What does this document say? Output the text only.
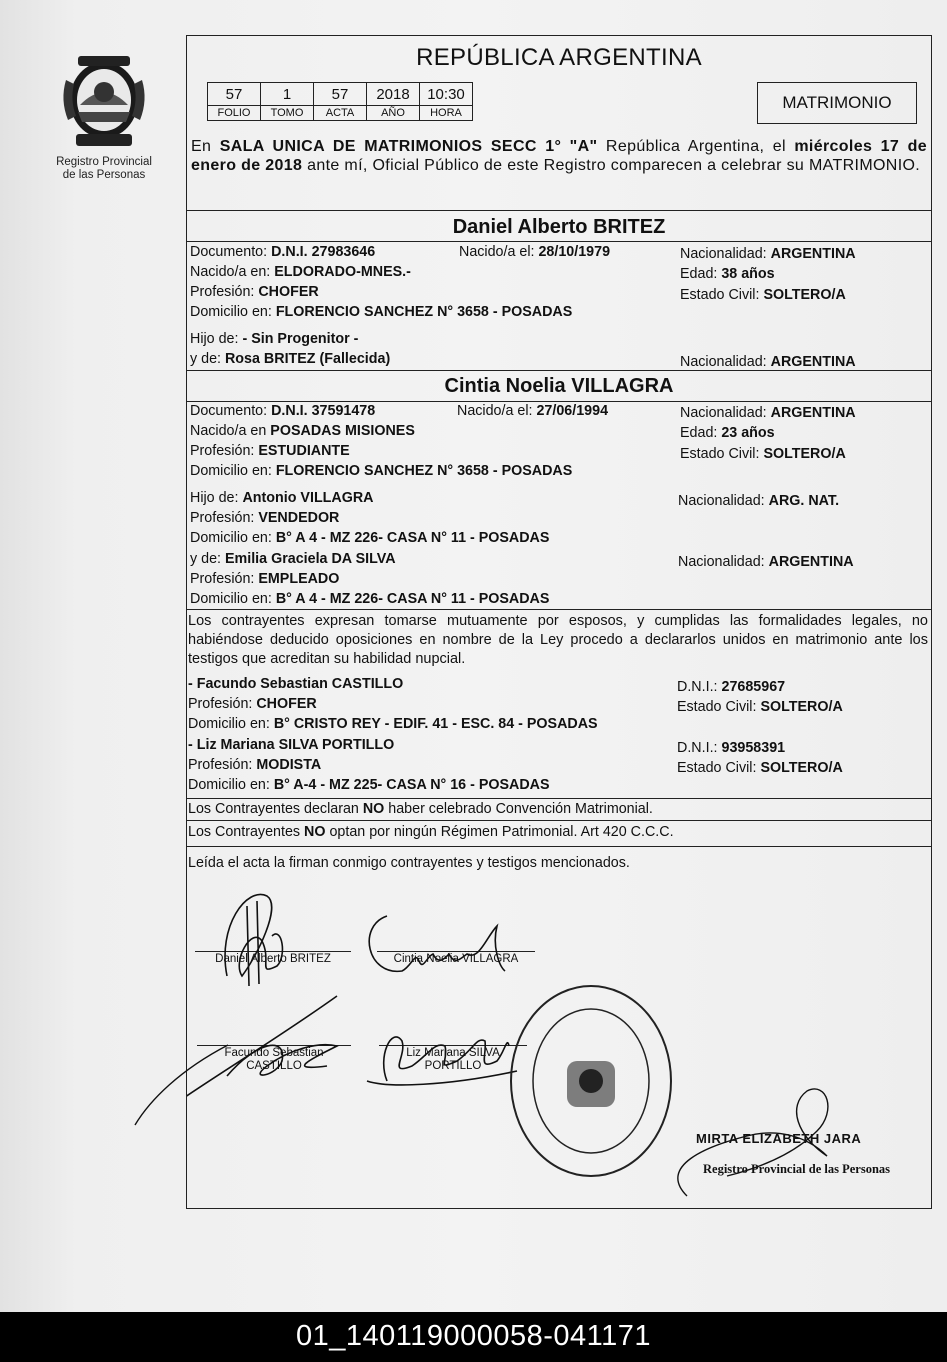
Registro Provincial
de las Personas
REPÚBLICA ARGENTINA
57	1	57	2018	10:30
FOLIO	TOMO	ACTA	AÑO	HORA
MATRIMONIO
En SALA UNICA DE MATRIMONIOS SECC 1° "A" República Argentina, el miércoles 17 de enero de 2018 ante mí, Oficial Público de este Registro comparecen a celebrar su MATRIMONIO.
Daniel Alberto BRITEZ
Documento: D.N.I. 27983646	Nacido/a el: 28/10/1979	Nacionalidad: ARGENTINA
Nacido/a en: ELDORADO-MNES.-	Edad: 38 años
Profesión: CHOFER	Estado Civil: SOLTERO/A
Domicilio en: FLORENCIO SANCHEZ N° 3658 - POSADAS
Hijo de: - Sin Progenitor -
y de: Rosa BRITEZ (Fallecida)	Nacionalidad: ARGENTINA
Cintia Noelia VILLAGRA
Documento: D.N.I. 37591478	Nacido/a el: 27/06/1994	Nacionalidad: ARGENTINA
Nacido/a en POSADAS MISIONES	Edad: 23 años
Profesión: ESTUDIANTE	Estado Civil: SOLTERO/A
Domicilio en: FLORENCIO SANCHEZ N° 3658 - POSADAS
Hijo de: Antonio VILLAGRA	Nacionalidad: ARG. NAT.
Profesión: VENDEDOR
Domicilio en: B° A 4 - MZ 226- CASA N° 11 - POSADAS
y de: Emilia Graciela DA SILVA	Nacionalidad: ARGENTINA
Profesión: EMPLEADO
Domicilio en: B° A 4 - MZ 226- CASA N° 11 - POSADAS
Los contrayentes expresan tomarse mutuamente por esposos, y cumplidas las formalidades legales, no habiéndose deducido oposiciones en nombre de la Ley procedo a declararlos unidos en matrimonio ante los testigos que acreditan su habilidad nupcial.
- Facundo Sebastian CASTILLO	D.N.I.: 27685967
Profesión: CHOFER	Estado Civil: SOLTERO/A
Domicilio en: B° CRISTO REY - EDIF. 41 - ESC. 84 - POSADAS
- Liz Mariana SILVA PORTILLO	D.N.I.: 93958391
Profesión: MODISTA	Estado Civil: SOLTERO/A
Domicilio en: B° A-4 - MZ 225- CASA N° 16 - POSADAS
Los Contrayentes declaran NO haber celebrado Convención Matrimonial.
Los Contrayentes NO optan por ningún Régimen Patrimonial. Art 420 C.C.C.
Leída el acta la firman conmigo contrayentes y testigos mencionados.
Daniel Alberto BRITEZ	Cintia Noelia VILLAGRA
Facundo Sebastian
CASTILLO
Liz Mariana SILVA
PORTILLO
MIRTA ELIZABETH JARA
Registro Provincial de las Personas
01_140119000058-041171
